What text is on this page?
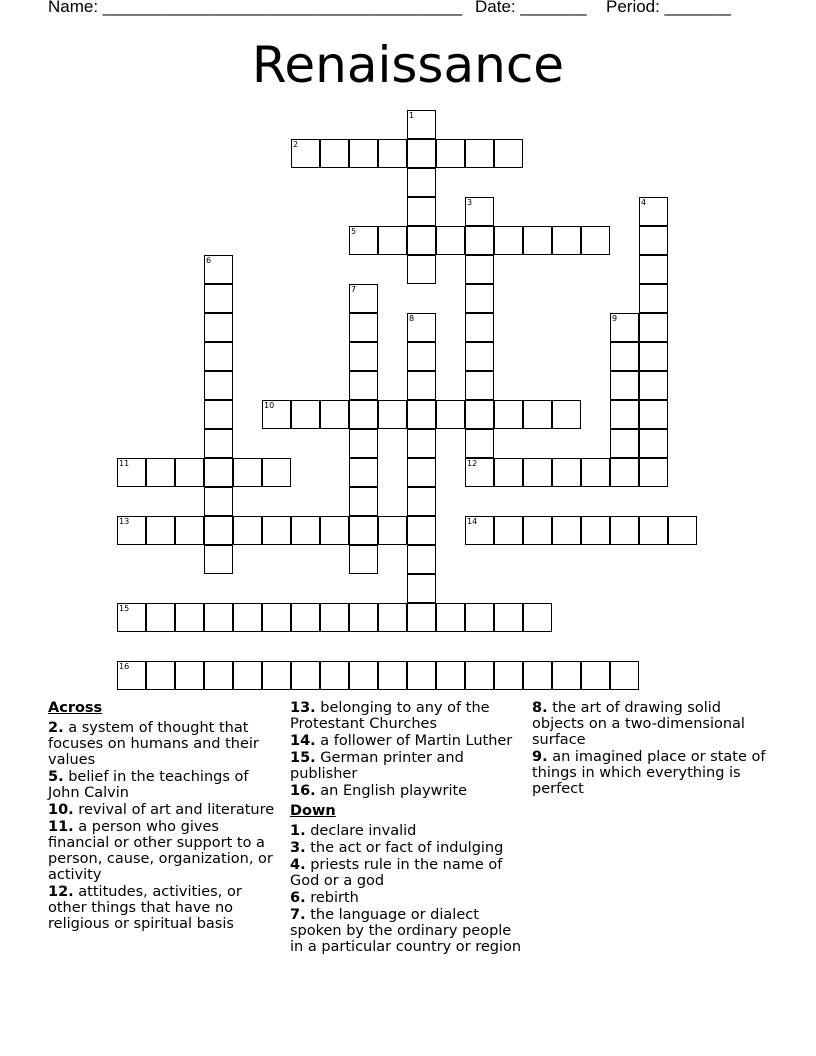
Name: ______________________________________ Date: _______ Period: _______
Renaissance
1
2
3
12
4
5
6
7
8	9
10
11
13	14
15
16
Across
2. a system of thought that focuses on humans and their values
5. belief in the teachings of John Calvin
10. revival of art and literature
11. a person who gives financial or other support to a person, cause, organization, or activity
12. attitudes, activities, or other things that have no religious or spiritual basis
13. belonging to any of the Protestant Churches
14. a follower of Martin Luther
15. German printer and publisher
16. an English playwrite
Down
1. declare invalid
3. the act or fact of indulging
4. priests rule in the name of God or a god
6. rebirth
7. the language or dialect spoken by the ordinary people in a particular country or region
8. the art of drawing solid objects on a two-dimensional surface
9. an imagined place or state of things in which everything is perfect
